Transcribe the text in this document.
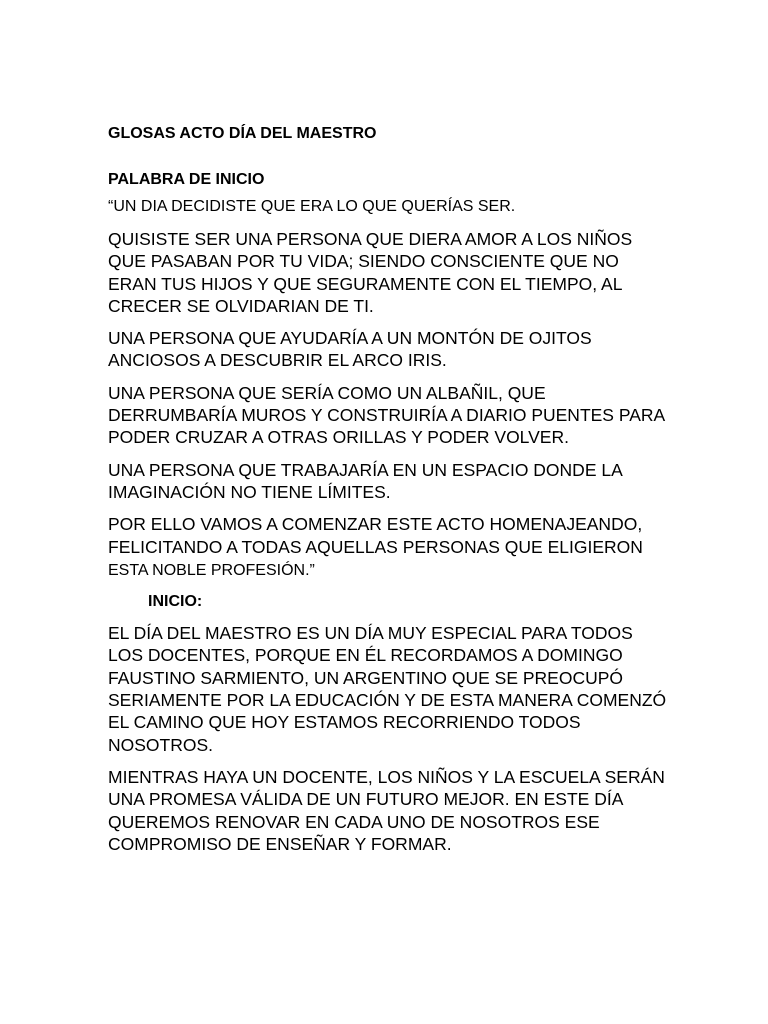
GLOSAS ACTO DÍA DEL MAESTRO

PALABRA DE INICIO

“UN DIA DECIDISTE QUE ERA LO QUE QUERÍAS SER.

QUISISTE SER UNA PERSONA QUE DIERA AMOR A LOS NIÑOS QUE PASABAN POR TU VIDA; SIENDO CONSCIENTE QUE NO ERAN TUS HIJOS Y QUE SEGURAMENTE CON EL TIEMPO, AL CRECER SE OLVIDARIAN DE TI.

UNA PERSONA QUE AYUDARÍA A UN MONTÓN DE OJITOS ANCIOSOS A DESCUBRIR EL ARCO IRIS.

UNA PERSONA QUE SERÍA COMO UN ALBAÑIL, QUE DERRUMBARÍA MUROS Y CONSTRUIRÍA A DIARIO PUENTES PARA PODER CRUZAR A OTRAS ORILLAS Y PODER VOLVER.

UNA PERSONA QUE TRABAJARÍA EN UN ESPACIO DONDE LA IMAGINACIÓN NO TIENE LÍMITES.

POR ELLO VAMOS A COMENZAR ESTE ACTO HOMENAJEANDO, FELICITANDO A TODAS AQUELLAS PERSONAS QUE ELIGIERON ESTA NOBLE PROFESIÓN.”

INICIO:

EL DÍA DEL MAESTRO ES UN DÍA MUY ESPECIAL PARA TODOS LOS DOCENTES, PORQUE EN ÉL RECORDAMOS A DOMINGO FAUSTINO SARMIENTO, UN ARGENTINO QUE SE PREOCUPÓ SERIAMENTE POR LA EDUCACIÓN Y DE ESTA MANERA COMENZÓ EL CAMINO QUE HOY ESTAMOS RECORRIENDO TODOS NOSOTROS.

MIENTRAS HAYA UN DOCENTE, LOS NIÑOS Y LA ESCUELA SERÁN UNA PROMESA VÁLIDA DE UN FUTURO MEJOR. EN ESTE DÍA QUEREMOS RENOVAR EN CADA UNO DE NOSOTROS ESE COMPROMISO DE ENSEÑAR Y FORMAR.
